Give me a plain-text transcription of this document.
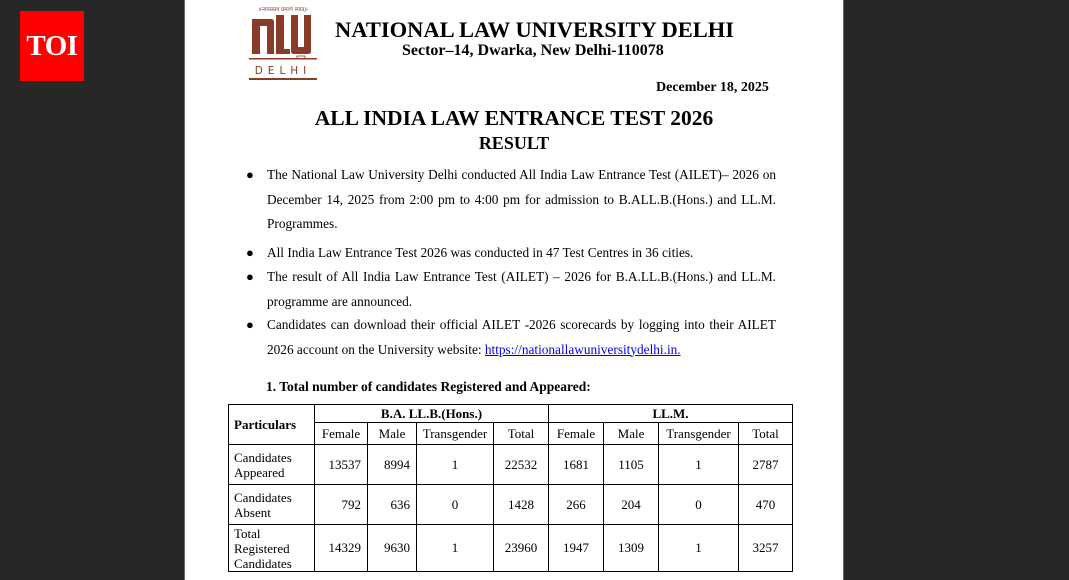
TOI
॥न्यायस्तत्र प्रमाणं स्यात्॥
DELHI
NATIONAL LAW UNIVERSITY DELHI
Sector–14, Dwarka, New Delhi-110078
December 18, 2025
ALL INDIA LAW ENTRANCE TEST 2026
RESULT
● The National Law University Delhi conducted All India Law Entrance Test (AILET)– 2026 on December 14, 2025 from 2:00 pm to 4:00 pm for admission to B.ALL.B.(Hons.) and LL.M. Programmes.
● All India Law Entrance Test 2026 was conducted in 47 Test Centres in 36 cities.
● The result of All India Law Entrance Test (AILET) – 2026 for B.A.LL.B.(Hons.) and LL.M. programme are announced.
● Candidates can download their official AILET -2026 scorecards by logging into their AILET 2026 account on the University website: https://nationallawuniversitydelhi.in.
1. Total number of candidates Registered and Appeared:
Particulars	B.A. LL.B.(Hons.)				LL.M.			
	Female	Male	Transgender	Total	Female	Male	Transgender	Total
Candidates Appeared	13537	8994	1	22532	1681	1105	1	2787
Candidates Absent	792	636	0	1428	266	204	0	470
Total Registered Candidates	14329	9630	1	23960	1947	1309	1	3257
